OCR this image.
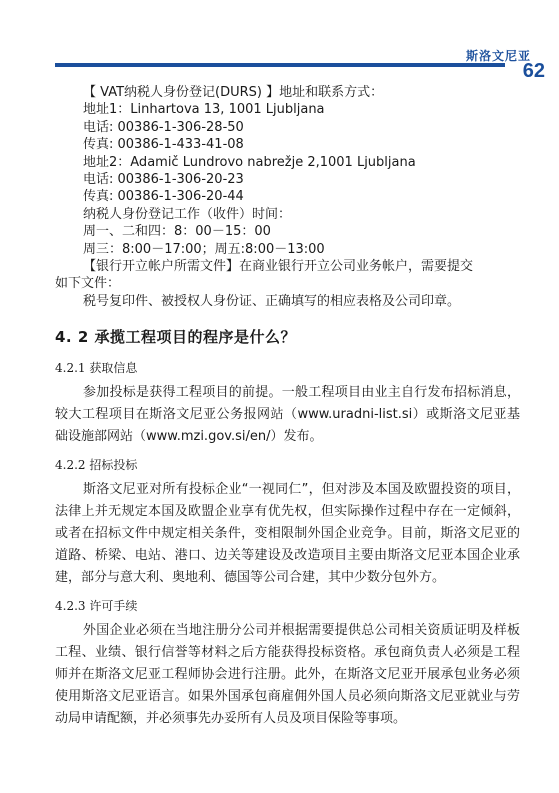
斯洛文尼亚
62
【 VAT纳税人身份登记(DURS) 】地址和联系方式：
地址1：Linhartova 13, 1001 Ljubljana
电话: 00386-1-306-28-50
传真: 00386-1-433-41-08
地址2：Adamič Lundrovo nabrežje 2,1001 Ljubljana
电话: 00386-1-306-20-23
传真: 00386-1-306-20-44
纳税人身份登记工作（收件）时间：
周一、二和四：8：00－15：00
周三：8:00－17:00；周五:8:00－13:00
【银行开立帐户所需文件】在商业银行开立公司业务帐户，需要提交
如下文件：
税号复印件、被授权人身份证、正确填写的相应表格及公司印章。
4. 2 承揽工程项目的程序是什么？
4.2.1 获取信息

参加投标是获得工程项目的前提。一般工程项目由业主自行发布招标消息，较大工程项目在斯洛文尼亚公务报网站（www.uradni-list.si）或斯洛文尼亚基础设施部网站（www.mzi.gov.si/en/）发布。

4.2.2 招标投标

斯洛文尼亚对所有投标企业“一视同仁”，但对涉及本国及欧盟投资的项目，法律上并无规定本国及欧盟企业享有优先权，但实际操作过程中存在一定倾斜，或者在招标文件中规定相关条件，变相限制外国企业竞争。目前，斯洛文尼亚的道路、桥梁、电站、港口、边关等建设及改造项目主要由斯洛文尼亚本国企业承建，部分与意大利、奥地利、德国等公司合建，其中少数分包外方。

4.2.3 许可手续

外国企业必须在当地注册分公司并根据需要提供总公司相关资质证明及样板工程、业绩、银行信誉等材料之后方能获得投标资格。承包商负责人必须是工程师并在斯洛文尼亚工程师协会进行注册。此外，在斯洛文尼亚开展承包业务必须使用斯洛文尼亚语言。如果外国承包商雇佣外国人员必须向斯洛文尼亚就业与劳动局申请配额，并必须事先办妥所有人员及项目保险等事项。
